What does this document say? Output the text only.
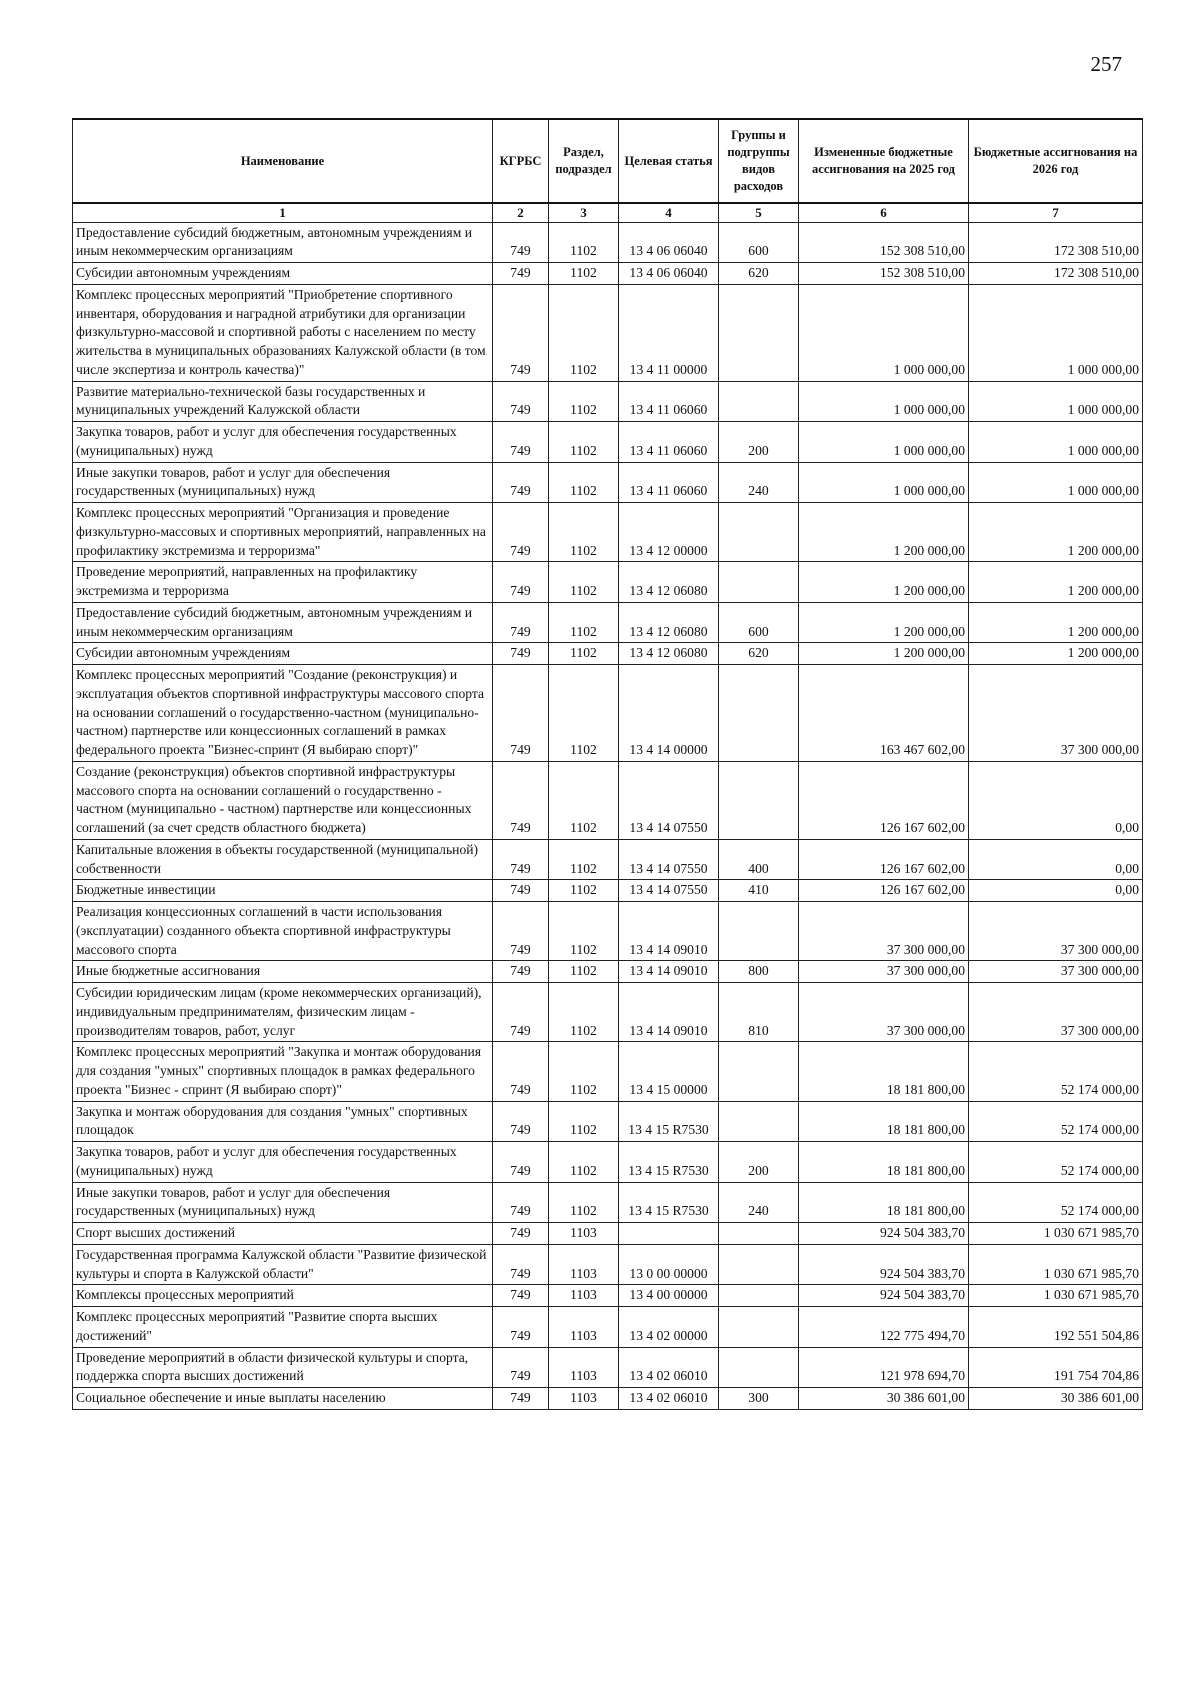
257
Наименование	КГРБС	Раздел, подраздел	Целевая статья	Группы и подгруппы видов расходов	Измененные бюджетные ассигнования на 2025 год	Бюджетные ассигнования на 2026 год
1	2	3	4	5	6	7
Предоставление субсидий бюджетным, автономным учреждениям и иным некоммерческим организациям	749	1102	13 4 06 06040	600	152 308 510,00	172 308 510,00
Субсидии автономным учреждениям	749	1102	13 4 06 06040	620	152 308 510,00	172 308 510,00
Комплекс процессных мероприятий "Приобретение спортивного инвентаря, оборудования и наградной атрибутики для организации физкультурно-массовой и спортивной работы с населением по месту жительства в муниципальных образованиях Калужской области (в том числе экспертиза и контроль качества)"	749	1102	13 4 11 00000		1 000 000,00	1 000 000,00
Развитие материально-технической базы государственных и муниципальных учреждений Калужской области	749	1102	13 4 11 06060		1 000 000,00	1 000 000,00
Закупка товаров, работ и услуг для обеспечения государственных (муниципальных) нужд	749	1102	13 4 11 06060	200	1 000 000,00	1 000 000,00
Иные закупки товаров, работ и услуг для обеспечения государственных (муниципальных) нужд	749	1102	13 4 11 06060	240	1 000 000,00	1 000 000,00
Комплекс процессных мероприятий "Организация и проведение физкультурно-массовых и спортивных мероприятий, направленных на профилактику экстремизма и терроризма"	749	1102	13 4 12 00000		1 200 000,00	1 200 000,00
Проведение мероприятий, направленных на профилактику экстремизма и терроризма	749	1102	13 4 12 06080		1 200 000,00	1 200 000,00
Предоставление субсидий бюджетным, автономным учреждениям и иным некоммерческим организациям	749	1102	13 4 12 06080	600	1 200 000,00	1 200 000,00
Субсидии автономным учреждениям	749	1102	13 4 12 06080	620	1 200 000,00	1 200 000,00
Комплекс процессных мероприятий "Создание (реконструкция) и эксплуатация объектов спортивной инфраструктуры массового спорта на основании соглашений о государственно-частном (муниципально-частном) партнерстве или концессионных соглашений в рамках федерального проекта "Бизнес-спринт (Я выбираю спорт)"	749	1102	13 4 14 00000		163 467 602,00	37 300 000,00
Создание (реконструкция) объектов спортивной инфраструктуры массового спорта на основании соглашений о государственно - частном (муниципально - частном) партнерстве или концессионных соглашений (за счет средств областного бюджета)	749	1102	13 4 14 07550		126 167 602,00	0,00
Капитальные вложения в объекты государственной (муниципальной) собственности	749	1102	13 4 14 07550	400	126 167 602,00	0,00
Бюджетные инвестиции	749	1102	13 4 14 07550	410	126 167 602,00	0,00
Реализация концессионных соглашений в части использования (эксплуатации) созданного объекта спортивной инфраструктуры массового спорта	749	1102	13 4 14 09010		37 300 000,00	37 300 000,00
Иные бюджетные ассигнования	749	1102	13 4 14 09010	800	37 300 000,00	37 300 000,00
Субсидии юридическим лицам (кроме некоммерческих организаций), индивидуальным предпринимателям, физическим лицам - производителям товаров, работ, услуг	749	1102	13 4 14 09010	810	37 300 000,00	37 300 000,00
Комплекс процессных мероприятий "Закупка и монтаж оборудования для создания "умных" спортивных площадок в рамках федерального проекта "Бизнес - спринт (Я выбираю спорт)"	749	1102	13 4 15 00000		18 181 800,00	52 174 000,00
Закупка и монтаж оборудования для создания "умных" спортивных площадок	749	1102	13 4 15 R7530		18 181 800,00	52 174 000,00
Закупка товаров, работ и услуг для обеспечения государственных (муниципальных) нужд	749	1102	13 4 15 R7530	200	18 181 800,00	52 174 000,00
Иные закупки товаров, работ и услуг для обеспечения государственных (муниципальных) нужд	749	1102	13 4 15 R7530	240	18 181 800,00	52 174 000,00
Спорт высших достижений	749	1103			924 504 383,70	1 030 671 985,70
Государственная программа Калужской области "Развитие физической культуры и спорта в Калужской области"	749	1103	13 0 00 00000		924 504 383,70	1 030 671 985,70
Комплексы процессных мероприятий	749	1103	13 4 00 00000		924 504 383,70	1 030 671 985,70
Комплекс процессных мероприятий "Развитие спорта высших достижений"	749	1103	13 4 02 00000		122 775 494,70	192 551 504,86
Проведение мероприятий в области физической культуры и спорта, поддержка спорта высших достижений	749	1103	13 4 02 06010		121 978 694,70	191 754 704,86
Социальное обеспечение и иные выплаты населению	749	1103	13 4 02 06010	300	30 386 601,00	30 386 601,00
